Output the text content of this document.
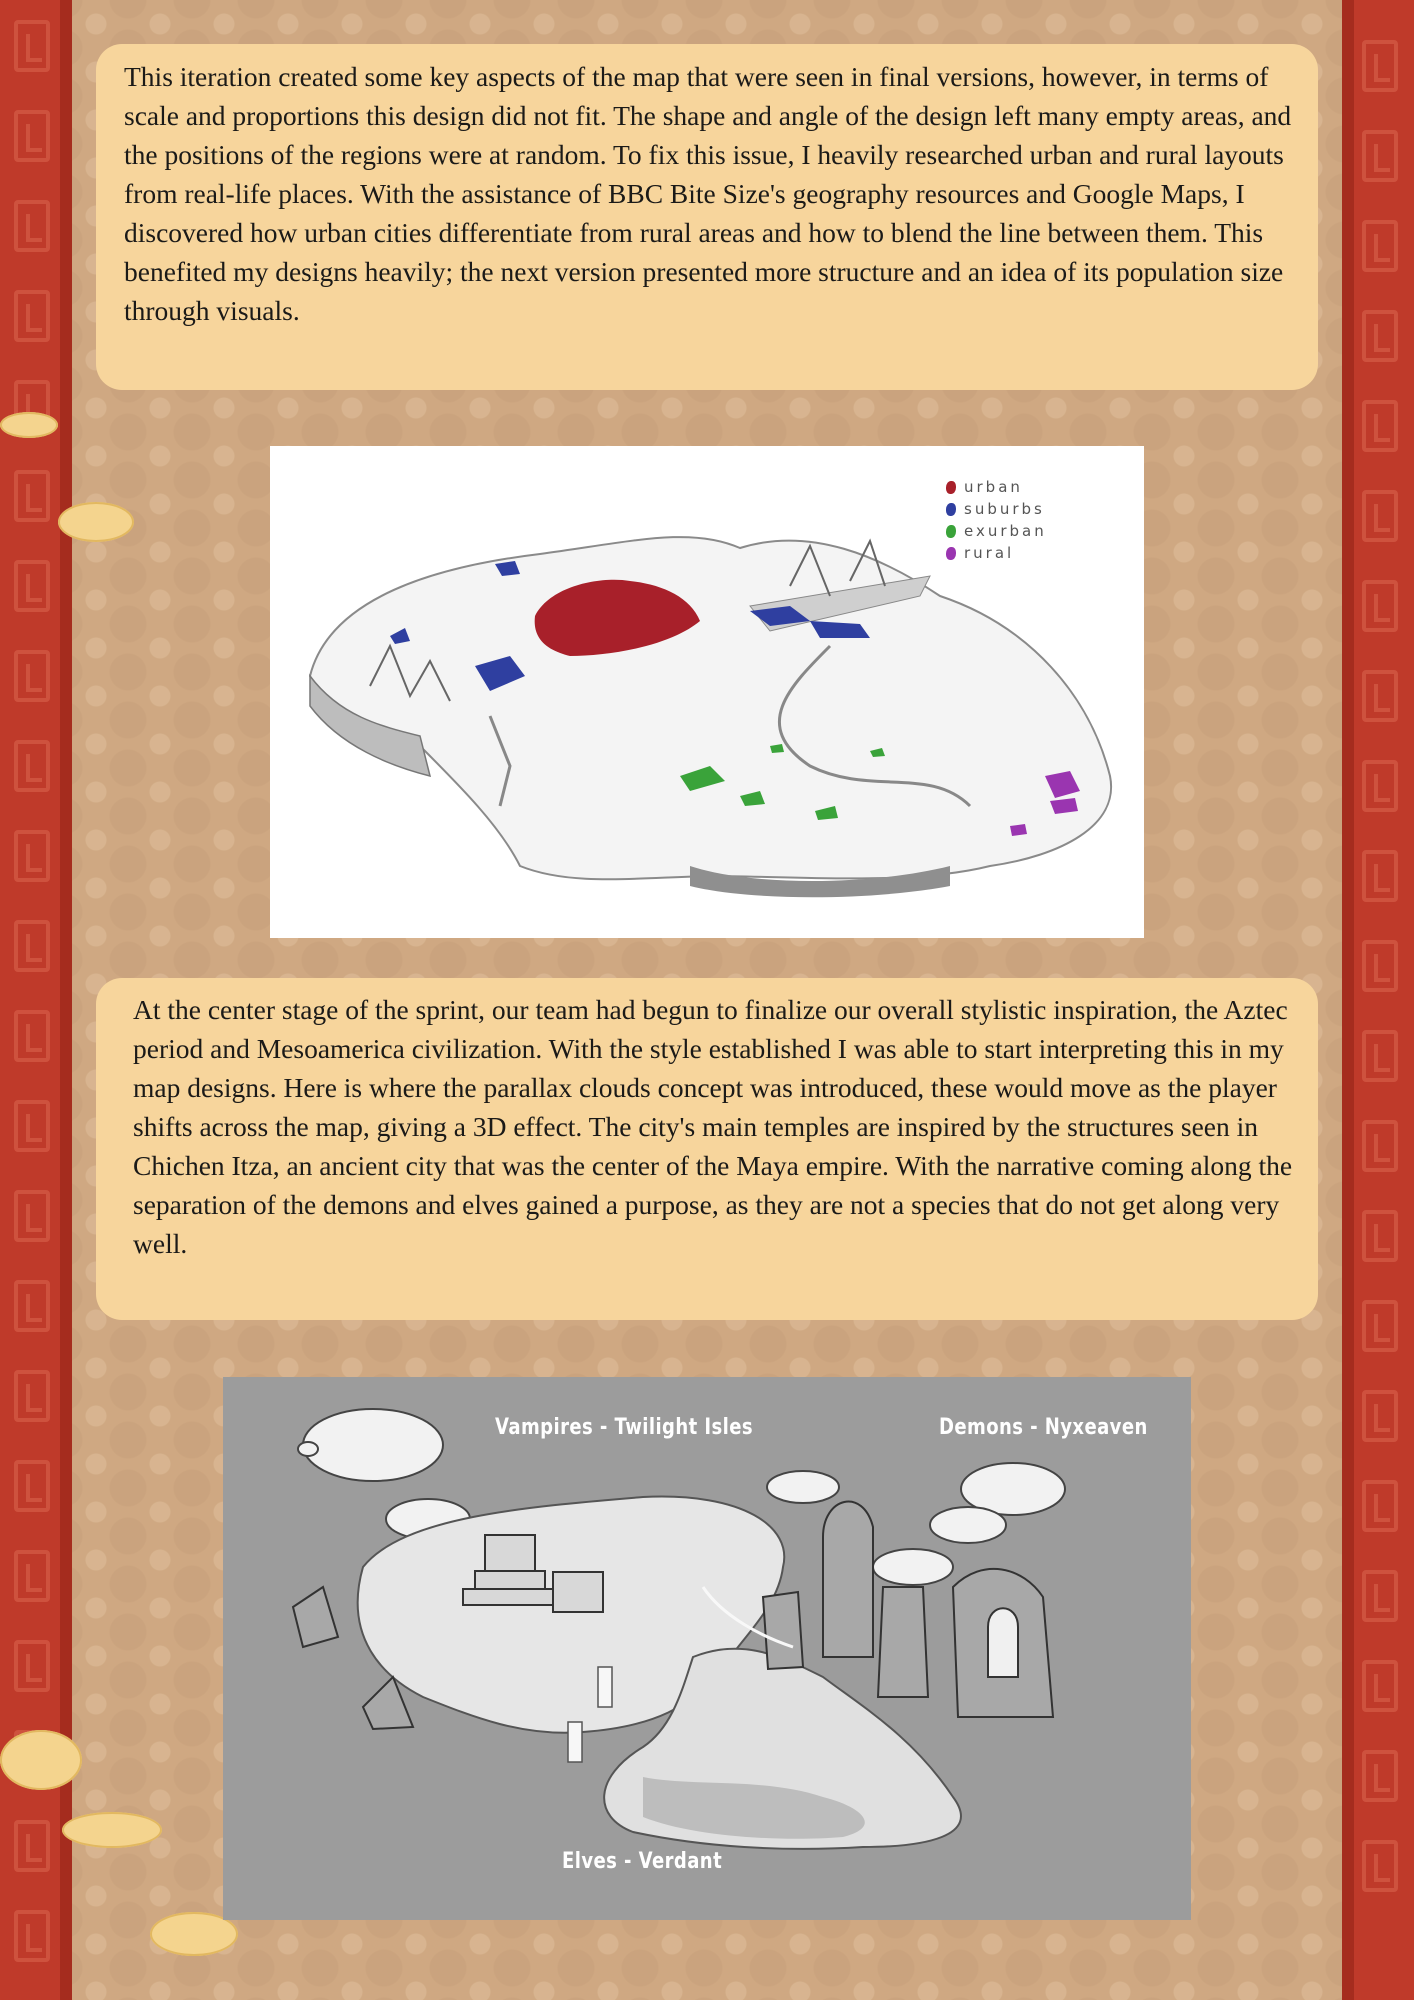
This iteration created some key aspects of the map that were seen in final versions, however, in terms of scale and proportions this design did not fit. The shape and angle of the design left many empty areas, and the positions of the regions were at random. To fix this issue, I heavily researched urban and rural layouts from real-life places. With the assistance of BBC Bite Size's geography resources and Google Maps, I discovered how urban cities differentiate from rural areas and how to blend the line between them. This benefited my designs heavily; the next version presented more structure and an idea of its population size through visuals.

urban
suburbs
exurban
rural

At the center stage of the sprint, our team had begun to finalize our overall stylistic inspiration, the Aztec period and Mesoamerica civilization. With the style established I was able to start interpreting this in my map designs. Here is where the parallax clouds concept was introduced, these would move as the player shifts across the map, giving a 3D effect. The city's main temples are inspired by the structures seen in Chichen Itza, an ancient city that was the center of the Maya empire. With the narrative coming along the separation of the demons and elves gained a purpose, as they are not a species that do not get along very well.

Vampires - Twilight Isles	Demons - Nyxeaven
Elves - Verdant
